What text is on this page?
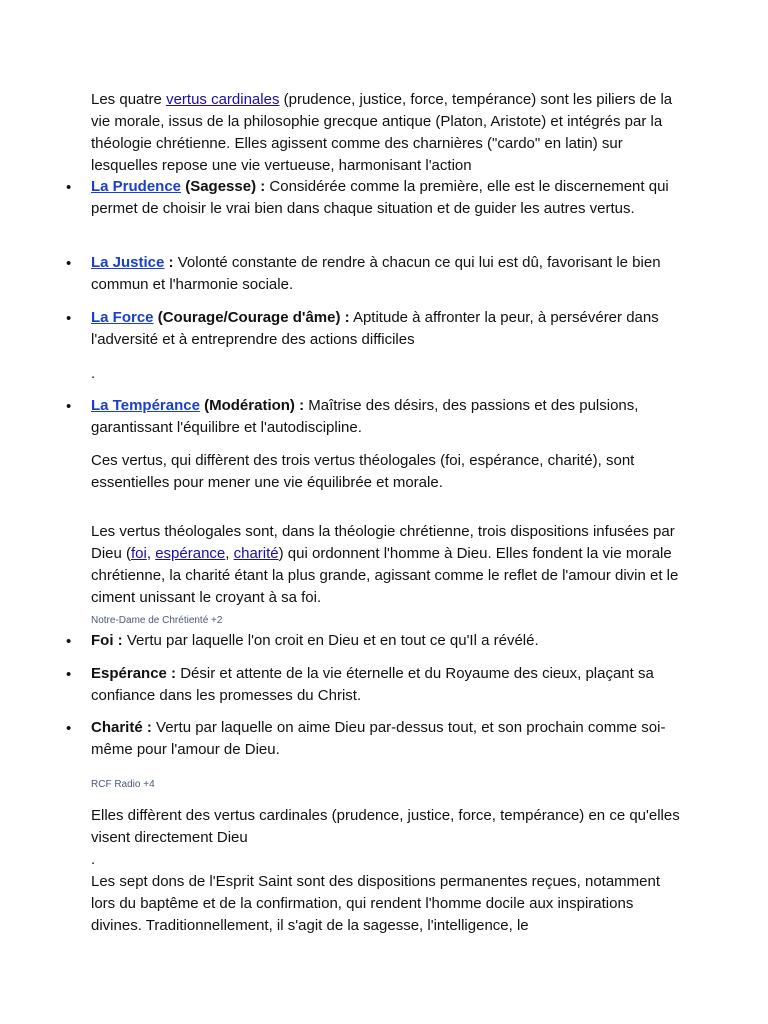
Les quatre vertus cardinales (prudence, justice, force, tempérance) sont les piliers de la vie morale, issus de la philosophie grecque antique (Platon, Aristote) et intégrés par la théologie chrétienne. Elles agissent comme des charnières ("cardo" en latin) sur lesquelles repose une vie vertueuse, harmonisant l'action

• La Prudence (Sagesse) : Considérée comme la première, elle est le discernement qui permet de choisir le vrai bien dans chaque situation et de guider les autres vertus.

• La Justice : Volonté constante de rendre à chacun ce qui lui est dû, favorisant le bien commun et l'harmonie sociale.

• La Force (Courage/Courage d'âme) : Aptitude à affronter la peur, à persévérer dans l'adversité et à entreprendre des actions difficiles

.

• La Tempérance (Modération) : Maîtrise des désirs, des passions et des pulsions, garantissant l'équilibre et l'autodiscipline.

Ces vertus, qui diffèrent des trois vertus théologales (foi, espérance, charité), sont essentielles pour mener une vie équilibrée et morale.

Les vertus théologales sont, dans la théologie chrétienne, trois dispositions infusées par Dieu (foi, espérance, charité) qui ordonnent l'homme à Dieu. Elles fondent la vie morale chrétienne, la charité étant la plus grande, agissant comme le reflet de l'amour divin et le ciment unissant le croyant à sa foi.

Notre-Dame de Chrétienté +2
• Foi : Vertu par laquelle l'on croit en Dieu et en tout ce qu'Il a révélé.

• Espérance : Désir et attente de la vie éternelle et du Royaume des cieux, plaçant sa confiance dans les promesses du Christ.

• Charité : Vertu par laquelle on aime Dieu par-dessus tout, et son prochain comme soi-même pour l'amour de Dieu.

RCF Radio +4

Elles diffèrent des vertus cardinales (prudence, justice, force, tempérance) en ce qu'elles visent directement Dieu

.

Les sept dons de l'Esprit Saint sont des dispositions permanentes reçues, notamment lors du baptême et de la confirmation, qui rendent l'homme docile aux inspirations divines. Traditionnellement, il s'agit de la sagesse, l'intelligence, le
